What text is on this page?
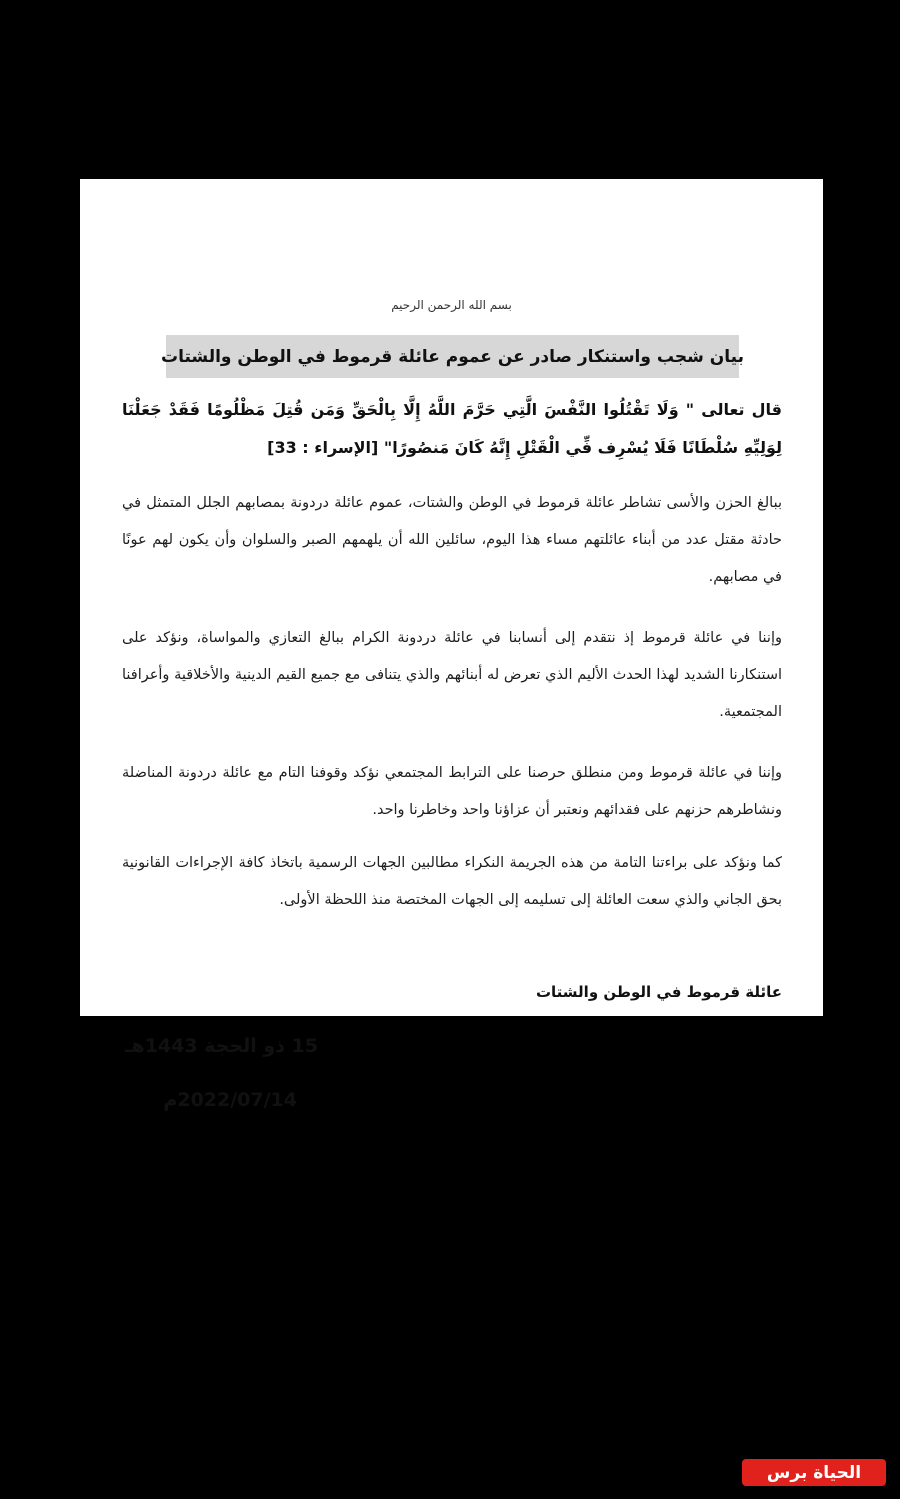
بسم الله الرحمن الرحيم
بيان شجب واستنكار صادر عن عموم عائلة قرموط في الوطن والشتات
قال تعالى " وَلَا تَقْتُلُوا النَّفْسَ الَّتِي حَرَّمَ اللَّهُ إِلَّا بِالْحَقِّ وَمَن قُتِلَ مَظْلُومًا فَقَدْ جَعَلْنَا لِوَلِيِّهِ سُلْطَانًا فَلَا يُسْرِف فِّي الْقَتْلِ إِنَّهُ كَانَ مَنصُورًا" [الإسراء : 33]
ببالغ الحزن والأسى تشاطر عائلة قرموط في الوطن والشتات، عموم عائلة دردونة بمصابهم الجلل المتمثل في حادثة مقتل عدد من أبناء عائلتهم مساء هذا اليوم، سائلين الله أن يلهمهم الصبر والسلوان وأن يكون لهم عونًا في مصابهم.
وإننا في عائلة قرموط إذ نتقدم إلى أنسابنا في عائلة دردونة الكرام ببالغ التعازي والمواساة، ونؤكد على استنكارنا الشديد لهذا الحدث الأليم الذي تعرض له أبنائهم والذي يتنافى مع جميع القيم الدينية والأخلاقية وأعرافنا المجتمعية.
وإننا في عائلة قرموط ومن منطلق حرصنا على الترابط المجتمعي نؤكد وقوفنا التام مع عائلة دردونة المناضلة ونشاطرهم حزنهم على فقدائهم ونعتبر أن عزاؤنا واحد وخاطرنا واحد.
كما ونؤكد على براءتنا التامة من هذه الجريمة النكراء مطالبين الجهات الرسمية باتخاذ كافة الإجراءات القانونية بحق الجاني والذي سعت العائلة إلى تسليمه إلى الجهات المختصة منذ اللحظة الأولى.
عائلة قرموط في الوطن والشتات
15 ذو الحجة 1443هـ
2022/07/14م
الحياة برس
